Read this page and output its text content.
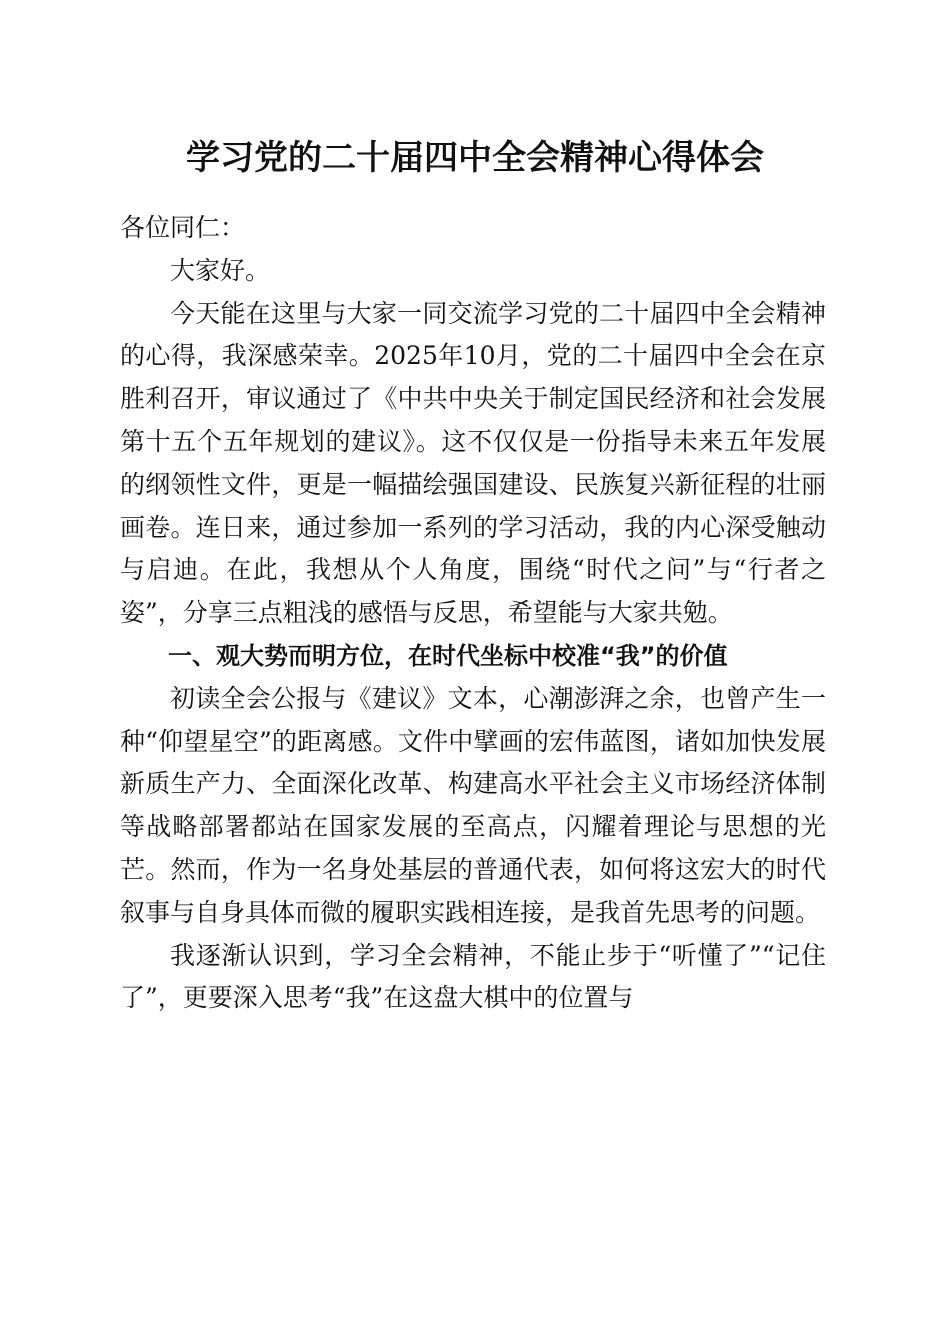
学习党的二十届四中全会精神心得体会

各位同仁：

大家好。

今天能在这里与大家一同交流学习党的二十届四中全会精神的心得，我深感荣幸。2025年10月，党的二十届四中全会在京胜利召开，审议通过了《中共中央关于制定国民经济和社会发展第十五个五年规划的建议》。这不仅仅是一份指导未来五年发展的纲领性文件，更是一幅描绘强国建设、民族复兴新征程的壮丽画卷。连日来，通过参加一系列的学习活动，我的内心深受触动与启迪。在此，我想从个人角度，围绕“时代之问”与“行者之姿”，分享三点粗浅的感悟与反思，希望能与大家共勉。

一、观大势而明方位，在时代坐标中校准“我”的价值

初读全会公报与《建议》文本，心潮澎湃之余，也曾产生一种“仰望星空”的距离感。文件中擘画的宏伟蓝图，诸如加快发展新质生产力、全面深化改革、构建高水平社会主义市场经济体制等战略部署都站在国家发展的至高点，闪耀着理论与思想的光芒。然而，作为一名身处基层的普通代表，如何将这宏大的时代叙事与自身具体而微的履职实践相连接，是我首先思考的问题。

我逐渐认识到，学习全会精神，不能止步于“听懂了”“记住了”，更要深入思考“我”在这盘大棋中的位置与
